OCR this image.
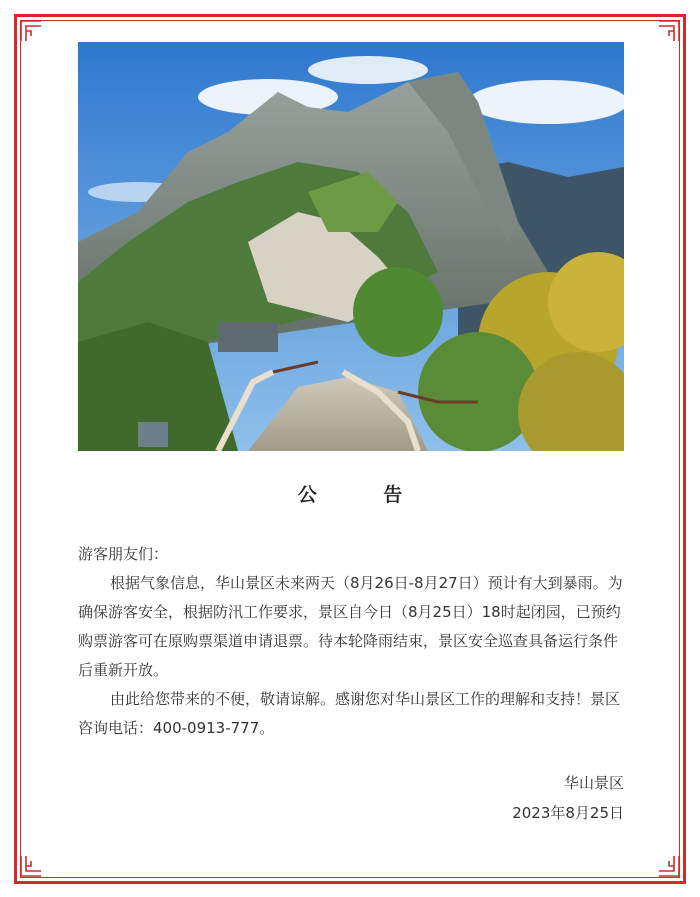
公 告

游客朋友们：

根据气象信息，华山景区未来两天（8月26日-8月27日）预计有大到暴雨。为确保游客安全，根据防汛工作要求，景区自今日（8月25日）18时起闭园，已预约购票游客可在原购票渠道申请退票。待本轮降雨结束，景区安全巡查具备运行条件后重新开放。

由此给您带来的不便，敬请谅解。感谢您对华山景区工作的理解和支持！景区咨询电话：400-0913-777。

华山景区
2023年8月25日
